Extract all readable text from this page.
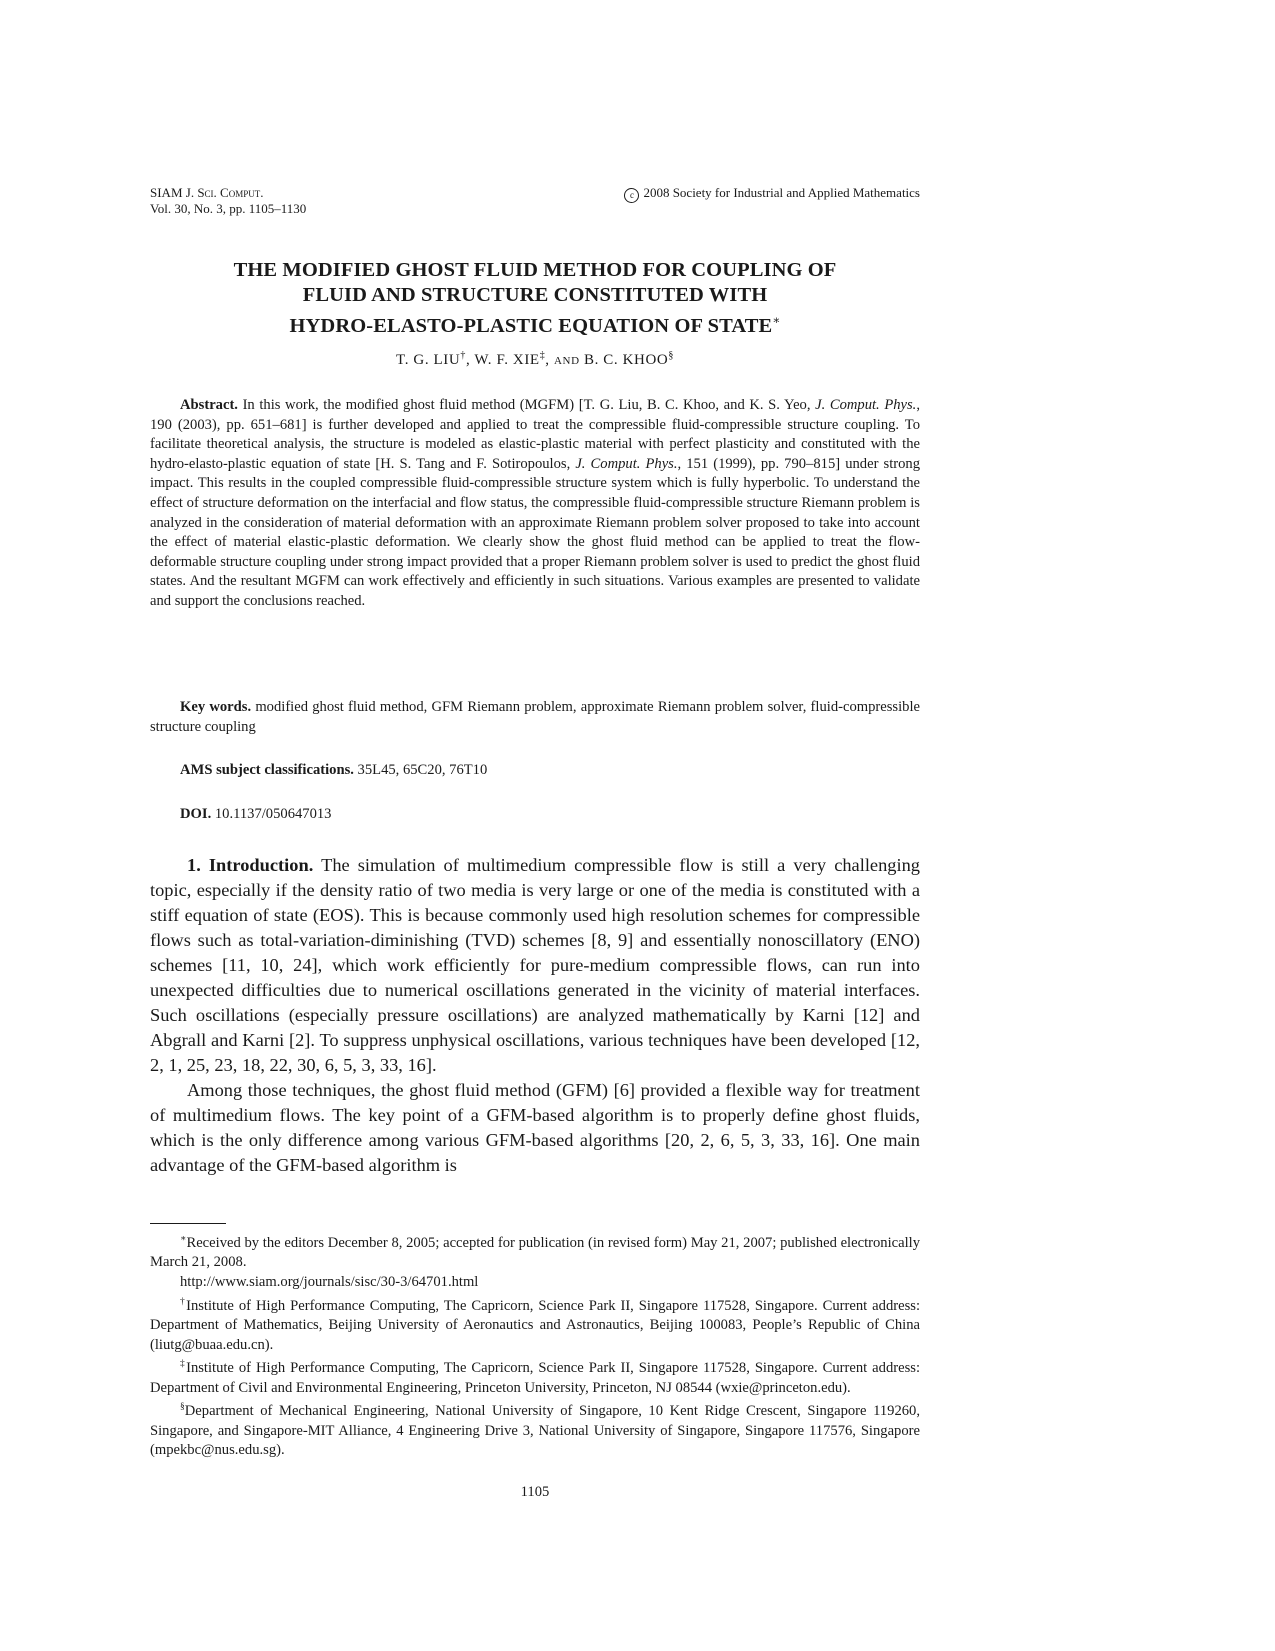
SIAM J. Sci. Comput.
Vol. 30, No. 3, pp. 1105–1130
c 2008 Society for Industrial and Applied Mathematics
THE MODIFIED GHOST FLUID METHOD FOR COUPLING OF
FLUID AND STRUCTURE CONSTITUTED WITH
HYDRO-ELASTO-PLASTIC EQUATION OF STATE∗
T. G. LIU†, W. F. XIE‡, and B. C. KHOO§
Abstract. In this work, the modified ghost fluid method (MGFM) [T. G. Liu, B. C. Khoo, and K. S. Yeo, J. Comput. Phys., 190 (2003), pp. 651–681] is further developed and applied to treat the compressible fluid-compressible structure coupling. To facilitate theoretical analysis, the structure is modeled as elastic-plastic material with perfect plasticity and constituted with the hydro-elasto-plastic equation of state [H. S. Tang and F. Sotiropoulos, J. Comput. Phys., 151 (1999), pp. 790–815] under strong impact. This results in the coupled compressible fluid-compressible structure system which is fully hyperbolic. To understand the effect of structure deformation on the interfacial and flow status, the compressible fluid-compressible structure Riemann problem is analyzed in the consideration of material deformation with an approximate Riemann problem solver proposed to take into account the effect of material elastic-plastic deformation. We clearly show the ghost fluid method can be applied to treat the flow-deformable structure coupling under strong impact provided that a proper Riemann problem solver is used to predict the ghost fluid states. And the resultant MGFM can work effectively and efficiently in such situations. Various examples are presented to validate and support the conclusions reached.
Key words. modified ghost fluid method, GFM Riemann problem, approximate Riemann problem solver, fluid-compressible structure coupling
AMS subject classifications. 35L45, 65C20, 76T10
DOI. 10.1137/050647013

1. Introduction. The simulation of multimedium compressible flow is still a very challenging topic, especially if the density ratio of two media is very large or one of the media is constituted with a stiff equation of state (EOS). This is because commonly used high resolution schemes for compressible flows such as total-variation-diminishing (TVD) schemes [8, 9] and essentially nonoscillatory (ENO) schemes [11, 10, 24], which work efficiently for pure-medium compressible flows, can run into unexpected difficulties due to numerical oscillations generated in the vicinity of material interfaces. Such oscillations (especially pressure oscillations) are analyzed mathematically by Karni [12] and Abgrall and Karni [2]. To suppress unphysical oscillations, various techniques have been developed [12, 2, 1, 25, 23, 18, 22, 30, 6, 5, 3, 33, 16].

Among those techniques, the ghost fluid method (GFM) [6] provided a flexible way for treatment of multimedium flows. The key point of a GFM-based algorithm is to properly define ghost fluids, which is the only difference among various GFM-based algorithms [20, 2, 6, 5, 3, 33, 16]. One main advantage of the GFM-based algorithm is

∗Received by the editors December 8, 2005; accepted for publication (in revised form) May 21, 2007; published electronically March 21, 2008.

http://www.siam.org/journals/sisc/30-3/64701.html

†Institute of High Performance Computing, The Capricorn, Science Park II, Singapore 117528, Singapore. Current address: Department of Mathematics, Beijing University of Aeronautics and Astronautics, Beijing 100083, People’s Republic of China (liutg@buaa.edu.cn).

‡Institute of High Performance Computing, The Capricorn, Science Park II, Singapore 117528, Singapore. Current address: Department of Civil and Environmental Engineering, Princeton University, Princeton, NJ 08544 (wxie@princeton.edu).

§Department of Mechanical Engineering, National University of Singapore, 10 Kent Ridge Crescent, Singapore 119260, Singapore, and Singapore-MIT Alliance, 4 Engineering Drive 3, National University of Singapore, Singapore 117576, Singapore (mpekbc@nus.edu.sg).

1105
